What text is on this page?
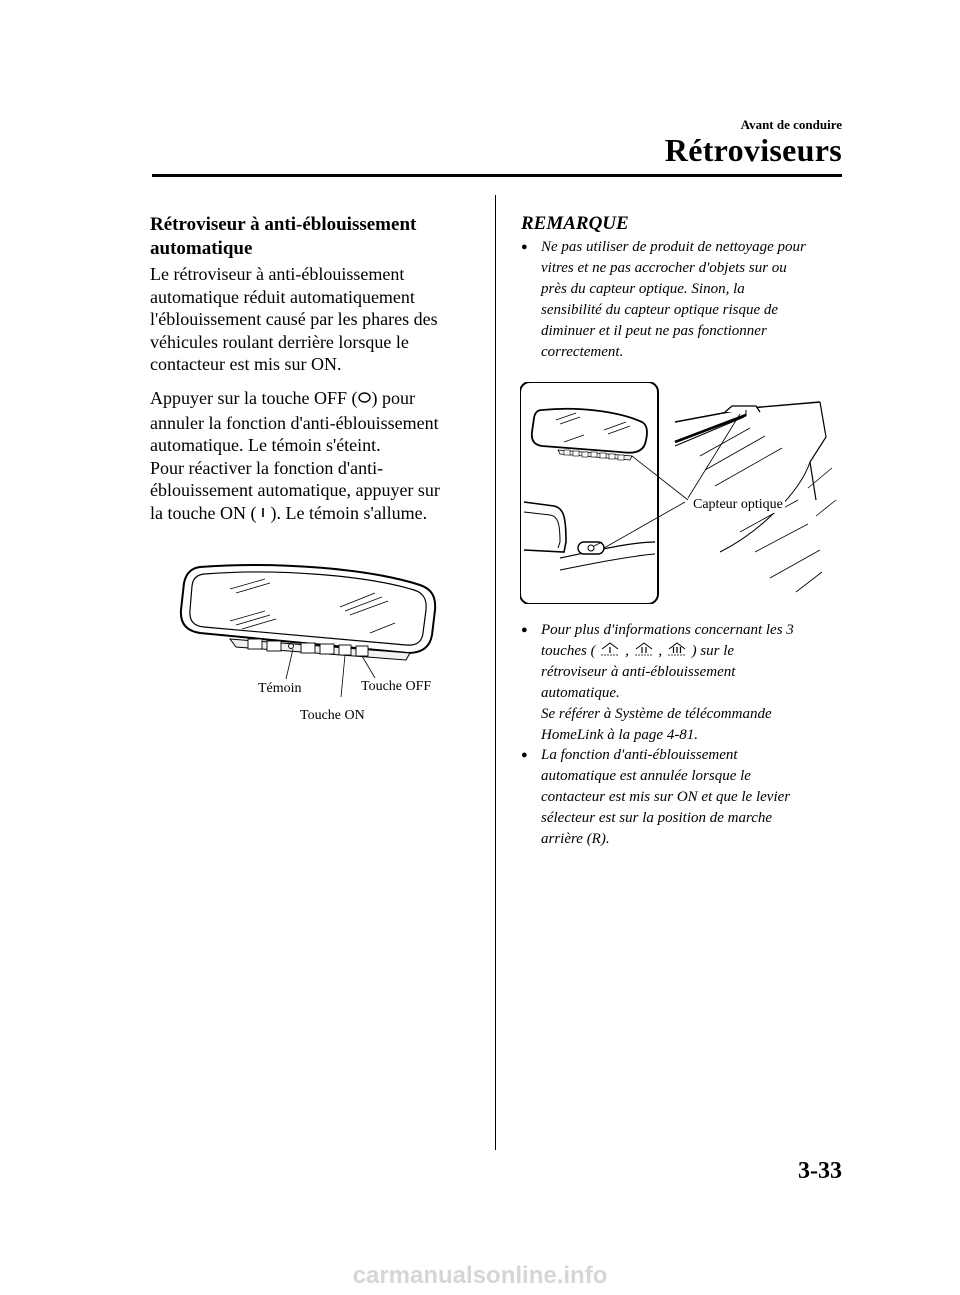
Avant de conduire
Rétroviseurs
Rétroviseur à anti-éblouissement
automatique
Le rétroviseur à anti-éblouissement
automatique réduit automatiquement
l'éblouissement causé par les phares des
véhicules roulant derrière lorsque le
contacteur est mis sur ON.
Appuyer sur la touche OFF ( ) pour
annuler la fonction d'anti-éblouissement
automatique. Le témoin s'éteint.
Pour réactiver la fonction d'anti-
éblouissement automatique, appuyer sur
la touche ON ( ). Le témoin s'allume.
Témoin	Touche OFF
Touche ON
REMARQUE
● Ne pas utiliser de produit de nettoyage pour
vitres et ne pas accrocher d'objets sur ou
près du capteur optique. Sinon, la
sensibilité du capteur optique risque de
diminuer et il peut ne pas fonctionner
correctement.
Capteur optique
● Pour plus d'informations concernant les 3
touches ( , , ) sur le
rétroviseur à anti-éblouissement
automatique.
Se référer à Système de télécommande
HomeLink à la page 4-81.
● La fonction d'anti-éblouissement
automatique est annulée lorsque le
contacteur est mis sur ON et que le levier
sélecteur est sur la position de marche
arrière (R).
3-33
carmanualsonline.info
